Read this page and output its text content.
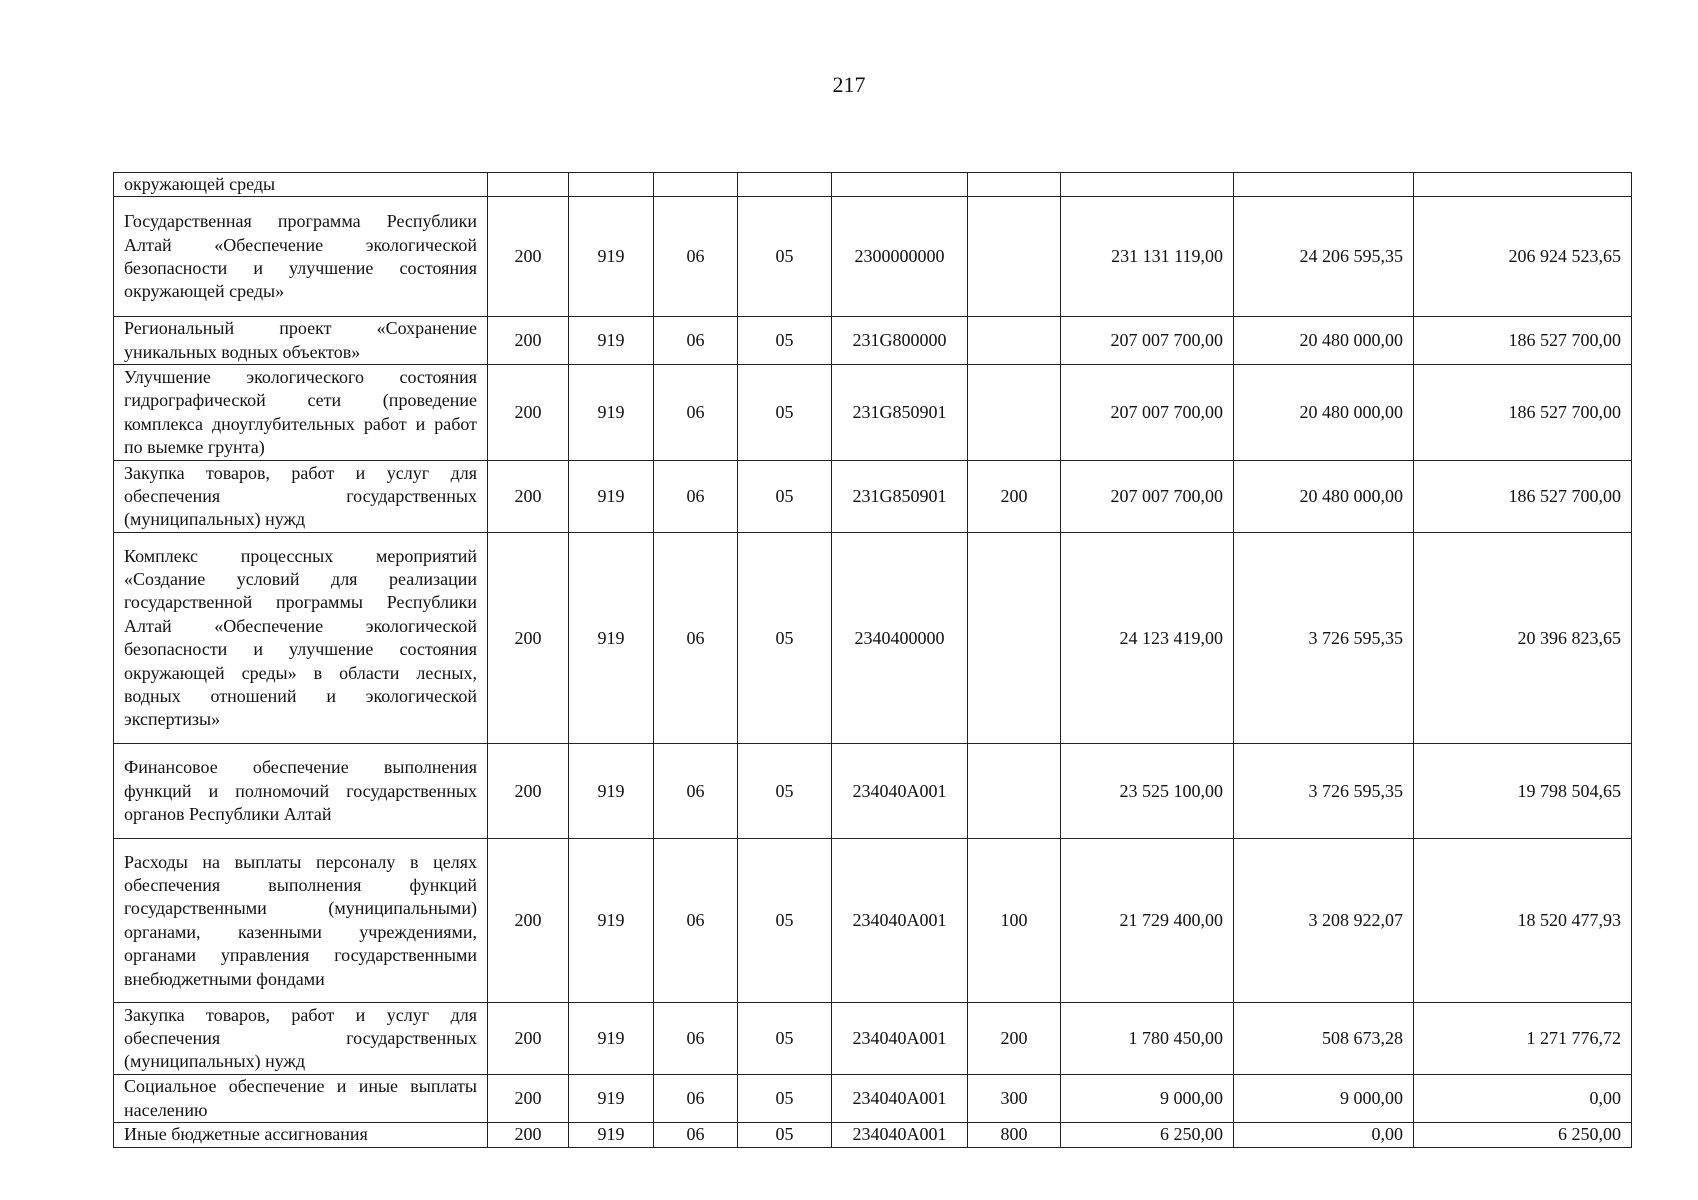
217
окружающей среды									
Государственная программа Республики Алтай «Обеспечение экологической безопасности и улучшение состояния окружающей среды»	200	919	06	05	2300000000		231 131 119,00	24 206 595,35	206 924 523,65
Региональный проект «Сохранение уникальных водных объектов»	200	919	06	05	231G800000		207 007 700,00	20 480 000,00	186 527 700,00
Улучшение экологического состояния гидрографической сети (проведение комплекса дноуглубительных работ и работ по выемке грунта)	200	919	06	05	231G850901		207 007 700,00	20 480 000,00	186 527 700,00
Закупка товаров, работ и услуг для обеспечения государственных (муниципальных) нужд	200	919	06	05	231G850901	200	207 007 700,00	20 480 000,00	186 527 700,00
Комплекс процессных мероприятий «Создание условий для реализации государственной программы Республики Алтай «Обеспечение экологической безопасности и улучшение состояния окружающей среды» в области лесных, водных отношений и экологической экспертизы»	200	919	06	05	2340400000		24 123 419,00	3 726 595,35	20 396 823,65
Финансовое обеспечение выполнения функций и полномочий государственных органов Республики Алтай	200	919	06	05	234040A001		23 525 100,00	3 726 595,35	19 798 504,65
Расходы на выплаты персоналу в целях обеспечения выполнения функций государственными (муниципальными) органами, казенными учреждениями, органами управления государственными внебюджетными фондами	200	919	06	05	234040A001	100	21 729 400,00	3 208 922,07	18 520 477,93
Закупка товаров, работ и услуг для обеспечения государственных (муниципальных) нужд	200	919	06	05	234040A001	200	1 780 450,00	508 673,28	1 271 776,72
Социальное обеспечение и иные выплаты населению	200	919	06	05	234040A001	300	9 000,00	9 000,00	0,00
Иные бюджетные ассигнования	200	919	06	05	234040A001	800	6 250,00	0,00	6 250,00
